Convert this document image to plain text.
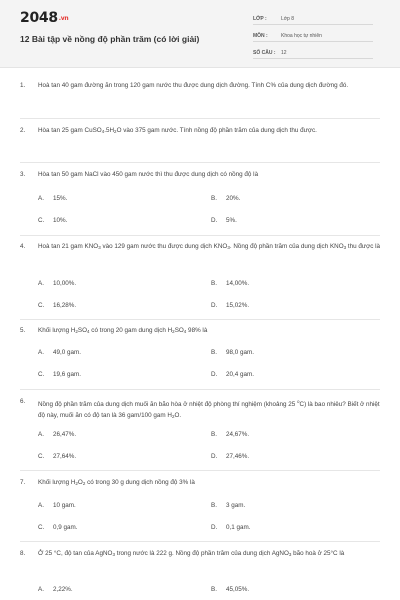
2048.vn
12 Bài tập về nồng độ phần trăm (có lời giải)
LỚP :	Lớp 8
MÔN :	Khoa học tự nhiên
SỐ CÂU :	12
1.	Hoà tan 40 gam đường ăn trong 120 gam nước thu được dung dịch đường. Tính C% của dung dịch đường đó.
2.	Hòa tan 25 gam $CuSO_4.5H_2O$ vào 375 gam nước. Tính nồng độ phần trăm của dung dịch thu được.
3.	Hòa tan 50 gam NaCl vào 450 gam nước thì thu được dung dịch có nồng độ là
A.	15%.	B.	20%.
C.	10%.	D.	5%.
4.	Hoà tan 21 gam $KNO_3$ vào 129 gam nước thu được dung dịch $KNO_3$. Nồng độ phần trăm của dung dịch $KNO_3$ thu được là
A.	10,00%.	B.	14,00%.
C.	16,28%.	D.	15,02%.
5.	Khối lượng $H_2SO_4$ có trong 20 gam dung dịch $H_2SO_4$ 98% là
A.	49,0 gam.	B.	98,0 gam.
C.	19,6 gam.	D.	20,4 gam.
6.	Nồng độ phần trăm của dung dịch muối ăn bão hòa ở nhiệt độ phòng thí nghiệm (khoảng 25 $^o$C) là bao nhiêu? Biết ở nhiệt độ này, muối ăn có độ tan là 36 gam/100 gam $H_2O$.
A.	26,47%.	B.	24,67%.
C.	27,64%.	D.	27,46%.
7.	Khối lượng $H_2O_2$ có trong 30 g dung dịch nồng độ 3% là
A.	10 gam.	B.	3 gam.
C.	0,9 gam.	D.	0,1 gam.
8.	Ở 25 °C, độ tan của AgNO$_3$ trong nước là 222 g. Nồng độ phần trăm của dung dịch AgNO$_3$ bão hoà ở 25°C là
A.	2,22%.	B.	45,05%.
